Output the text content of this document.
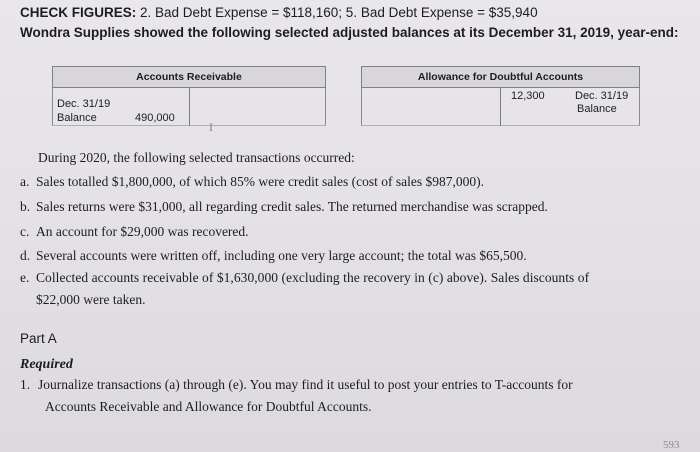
CHECK FIGURES: 2. Bad Debt Expense = $118,160; 5. Bad Debt Expense = $35,940
Wondra Supplies showed the following selected adjusted balances at its December 31, 2019, year-end:
Accounts Receivable
Dec. 31/19
Balance	490,000
Allowance for Doubtful Accounts
12,300	Dec. 31/19
Balance
I
During 2020, the following selected transactions occurred:
a. Sales totalled $1,800,000, of which 85% were credit sales (cost of sales $987,000).
b. Sales returns were $31,000, all regarding credit sales. The returned merchandise was scrapped.
c. An account for $29,000 was recovered.
d. Several accounts were written off, including one very large account; the total was $65,500.
e. Collected accounts receivable of $1,630,000 (excluding the recovery in (c) above). Sales discounts of
$22,000 were taken.
Part A
Required
1. Journalize transactions (a) through (e). You may find it useful to post your entries to T-accounts for
Accounts Receivable and Allowance for Doubtful Accounts.
593
